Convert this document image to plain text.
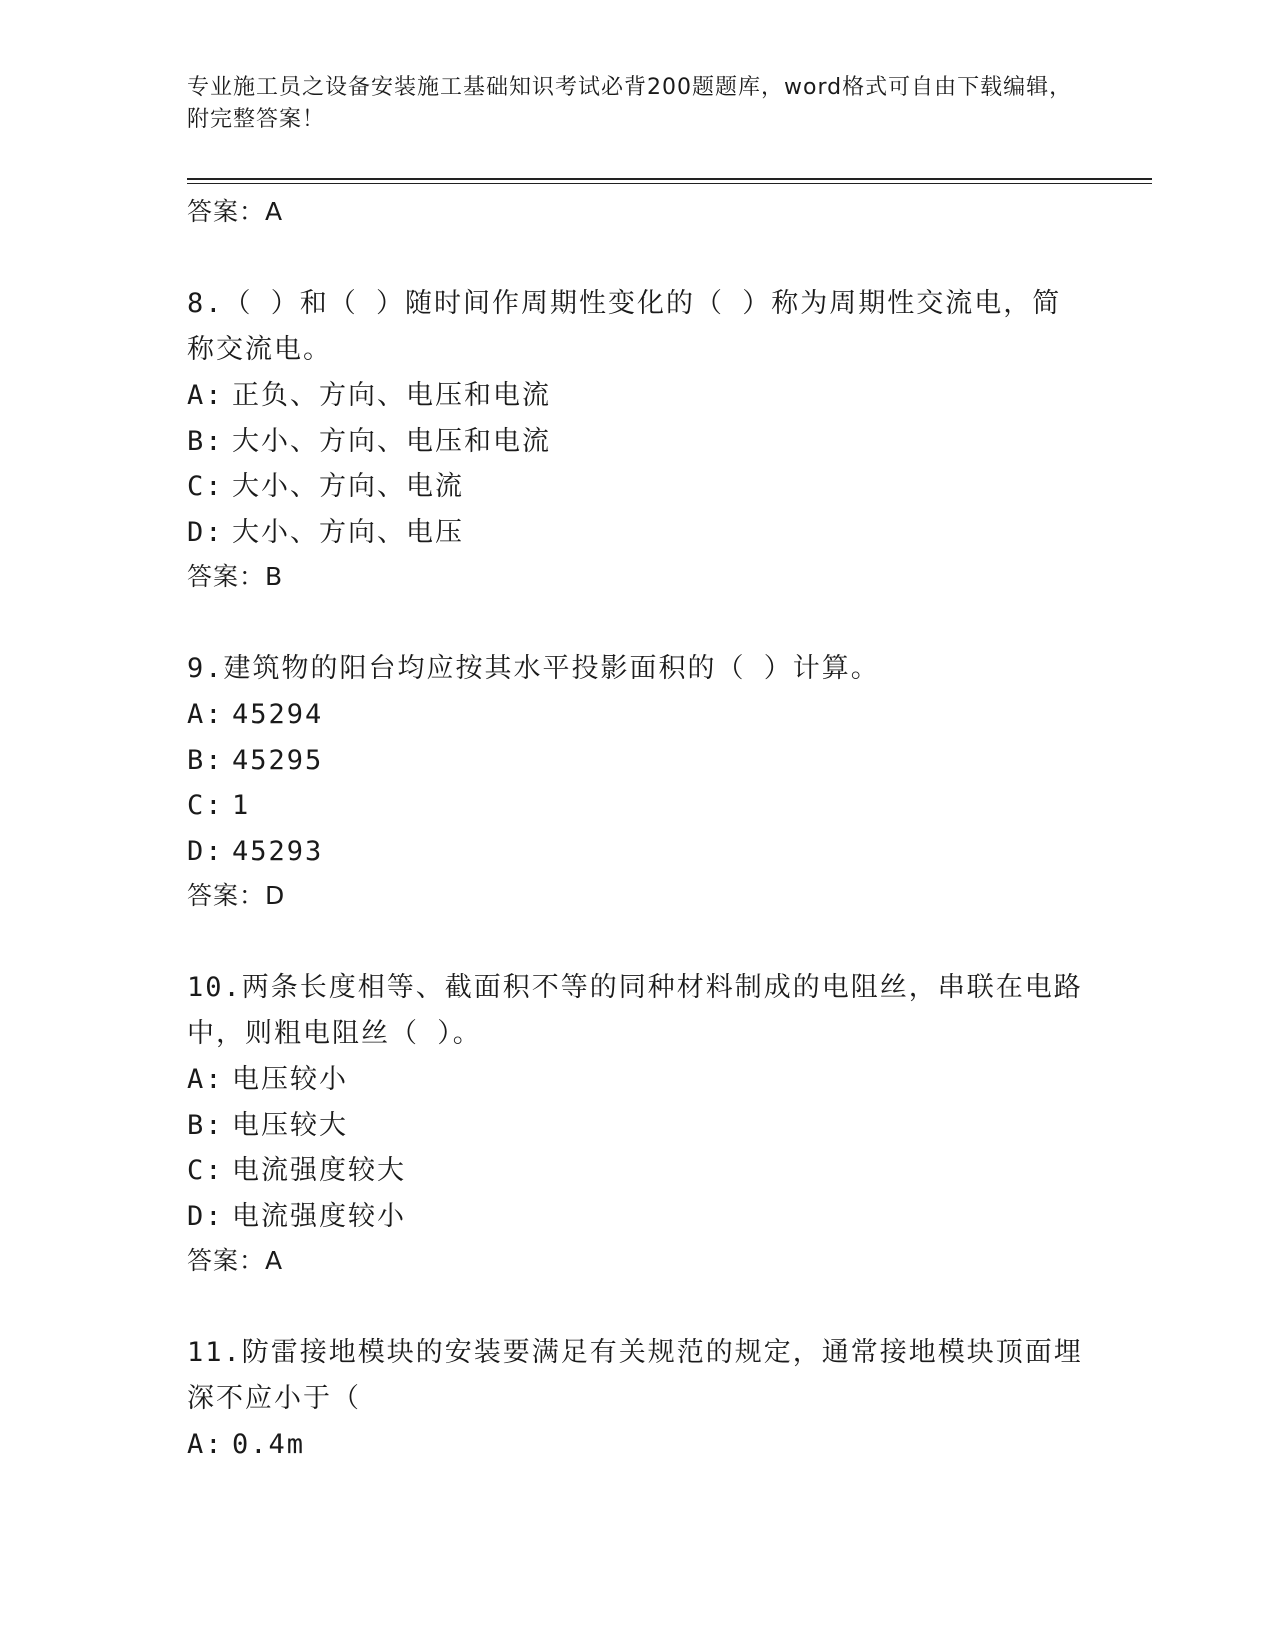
专业施工员之设备安装施工基础知识考试必背200题题库，word格式可自由下载编辑，附完整答案！
答案：A
8.（ ）和（ ）随时间作周期性变化的（ ）称为周期性交流电，简称交流电。
A: 正负、方向、电压和电流
B: 大小、方向、电压和电流
C: 大小、方向、电流
D: 大小、方向、电压
答案：B
9.建筑物的阳台均应按其水平投影面积的（ ）计算。
A: 45294
B: 45295
C: 1
D: 45293
答案：D
10.两条长度相等、截面积不等的同种材料制成的电阻丝，串联在电路中，则粗电阻丝（ ）。
A: 电压较小
B: 电压较大
C: 电流强度较大
D: 电流强度较小
答案：A
11.防雷接地模块的安装要满足有关规范的规定，通常接地模块顶面埋深不应小于（
A: 0.4m
